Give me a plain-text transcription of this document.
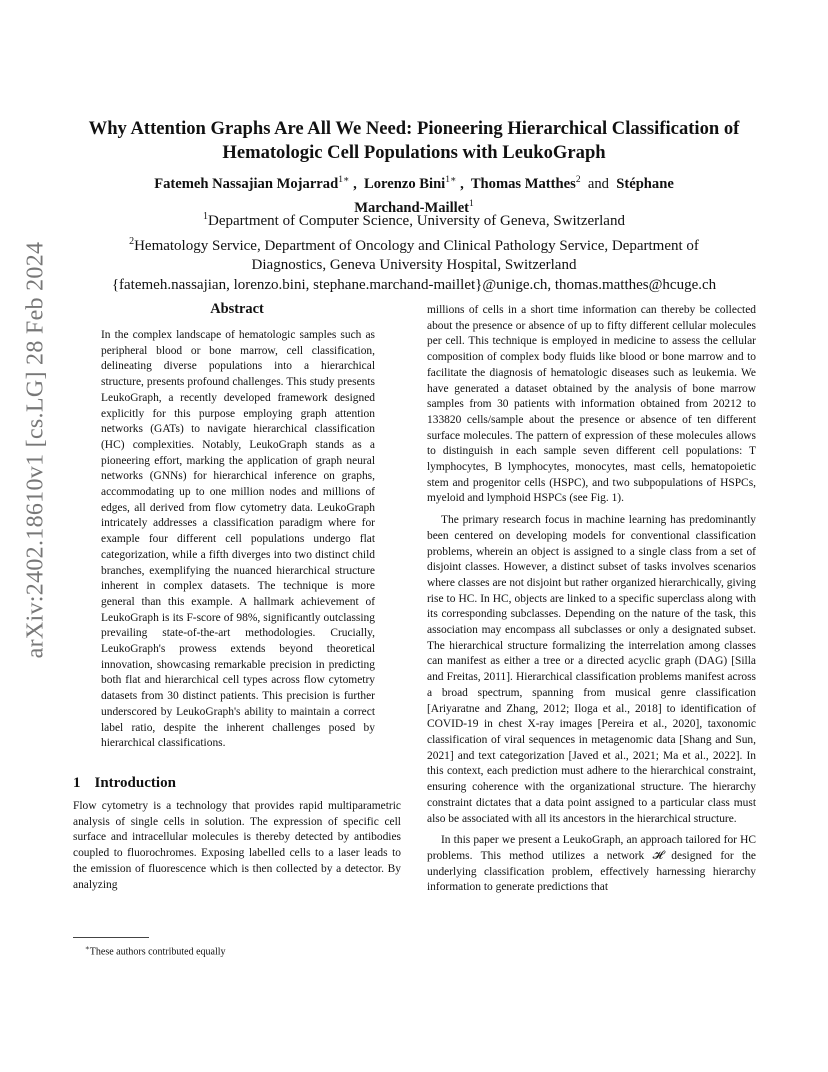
arXiv:2402.18610v1 [cs.LG] 28 Feb 2024
Why Attention Graphs Are All We Need: Pioneering Hierarchical Classification of
Hematologic Cell Populations with LeukoGraph
Fatemeh Nassajian Mojarrad$^{1∗}$ ,  Lorenzo Bini$^{1∗}$ ,  Thomas Matthes$^2$ and Stéphane
Marchand-Maillet$^1$
$^1$Department of Computer Science, University of Geneva, Switzerland
$^2$Hematology Service, Department of Oncology and Clinical Pathology Service, Department of
Diagnostics, Geneva University Hospital, Switzerland
{fatemeh.nassajian, lorenzo.bini, stephane.marchand-maillet}@unige.ch, thomas.matthes@hcuge.ch
Abstract

In the complex landscape of hematologic samples such as peripheral blood or bone marrow, cell classification, delineating diverse populations into a hierarchical structure, presents profound challenges. This study presents LeukoGraph, a recently developed framework designed explicitly for this purpose employing graph attention networks (GATs) to navigate hierarchical classification (HC) complexities. Notably, LeukoGraph stands as a pioneering effort, marking the application of graph neural networks (GNNs) for hierarchical inference on graphs, accommodating up to one million nodes and millions of edges, all derived from flow cytometry data. LeukoGraph intricately addresses a classification paradigm where for example four different cell populations undergo flat categorization, while a fifth diverges into two distinct child branches, exemplifying the nuanced hierarchical structure inherent in complex datasets. The technique is more general than this example. A hallmark achievement of LeukoGraph is its F-score of 98%, significantly outclassing prevailing state-of-the-art methodologies. Crucially, LeukoGraph's prowess extends beyond theoretical innovation, showcasing remarkable precision in predicting both flat and hierarchical cell types across flow cytometry datasets from 30 distinct patients. This precision is further underscored by LeukoGraph's ability to maintain a correct label ratio, despite the inherent challenges posed by hierarchical classifications.

1 Introduction

Flow cytometry is a technology that provides rapid multiparametric analysis of single cells in solution. The expression of specific cell surface and intracellular molecules is thereby detected by antibodies coupled to fluorochromes. Exposing labelled cells to a laser leads to the emission of fluorescence which is then collected by a detector. By analyzing

∗These authors contributed equally

millions of cells in a short time information can thereby be collected about the presence or absence of up to fifty different cellular molecules per cell. This technique is employed in medicine to assess the cellular composition of complex body fluids like blood or bone marrow and to facilitate the diagnosis of hematologic diseases such as leukemia. We have generated a dataset obtained by the analysis of bone marrow samples from 30 patients with information obtained from 20212 to 133820 cells/sample about the presence or absence of ten different surface molecules. The pattern of expression of these molecules allows to distinguish in each sample seven different cell populations: T lymphocytes, B lymphocytes, monocytes, mast cells, hematopoietic stem and progenitor cells (HSPC), and two subpopulations of HSPCs, myeloid and lymphoid HSPCs (see Fig. 1).

The primary research focus in machine learning has predominantly been centered on developing models for conventional classification problems, wherein an object is assigned to a single class from a set of disjoint classes. However, a distinct subset of tasks involves scenarios where classes are not disjoint but rather organized hierarchically, giving rise to HC. In HC, objects are linked to a specific superclass along with its corresponding subclasses. Depending on the nature of the task, this association may encompass all subclasses or only a designated subset. The hierarchical structure formalizing the interrelation among classes can manifest as either a tree or a directed acyclic graph (DAG) [Silla and Freitas, 2011]. Hierarchical classification problems manifest across a broad spectrum, spanning from musical genre classification [Ariyaratne and Zhang, 2012; Iloga et al., 2018] to identification of COVID-19 in chest X-ray images [Pereira et al., 2020], taxonomic classification of viral sequences in metagenomic data [Shang and Sun, 2021] and text categorization [Javed et al., 2021; Ma et al., 2022]. In this context, each prediction must adhere to the hierarchical constraint, ensuring coherence with the organizational structure. The hierarchy constraint dictates that a data point assigned to a particular class must also be associated with all its ancestors in the hierarchical structure.

In this paper we present a LeukoGraph, an approach tailored for HC problems. This method utilizes a network 𝓗 designed for the underlying classification problem, effectively harnessing hierarchy information to generate predictions that
